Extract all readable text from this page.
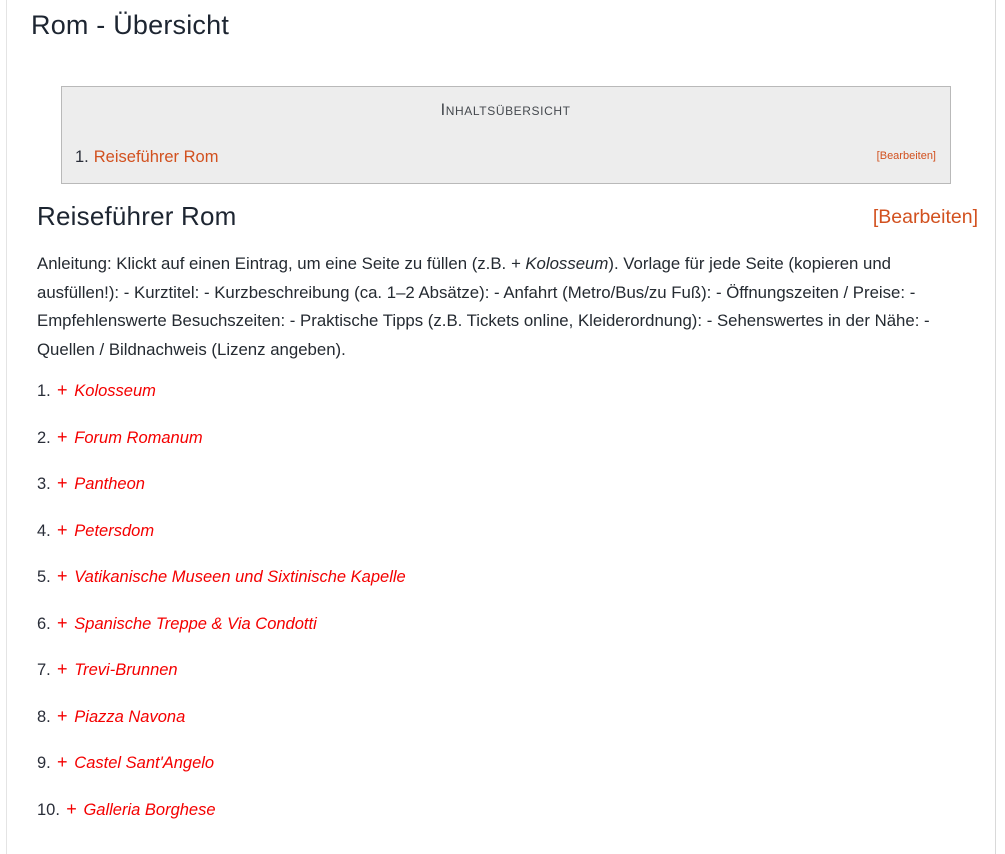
Rom - Übersicht
Inhaltsübersicht
1. Reiseführer Rom	[Bearbeiten]
Reiseführer Rom	[Bearbeiten]

Anleitung: Klickt auf einen Eintrag, um eine Seite zu füllen (z.B. + Kolosseum). Vorlage für jede Seite (kopieren und ausfüllen!): - Kurztitel: - Kurzbeschreibung (ca. 1–2 Absätze): - Anfahrt (Metro/Bus/zu Fuß): - Öffnungszeiten / Preise: - Empfehlenswerte Besuchszeiten: - Praktische Tipps (z.B. Tickets online, Kleiderordnung): - Sehenswertes in der Nähe: - Quellen / Bildnachweis (Lizenz angeben).

1. + Kolosseum
2. + Forum Romanum
3. + Pantheon
4. + Petersdom
5. + Vatikanische Museen und Sixtinische Kapelle
6. + Spanische Treppe & Via Condotti
7. + Trevi-Brunnen
8. + Piazza Navona
9. + Castel Sant'Angelo
10. + Galleria Borghese
